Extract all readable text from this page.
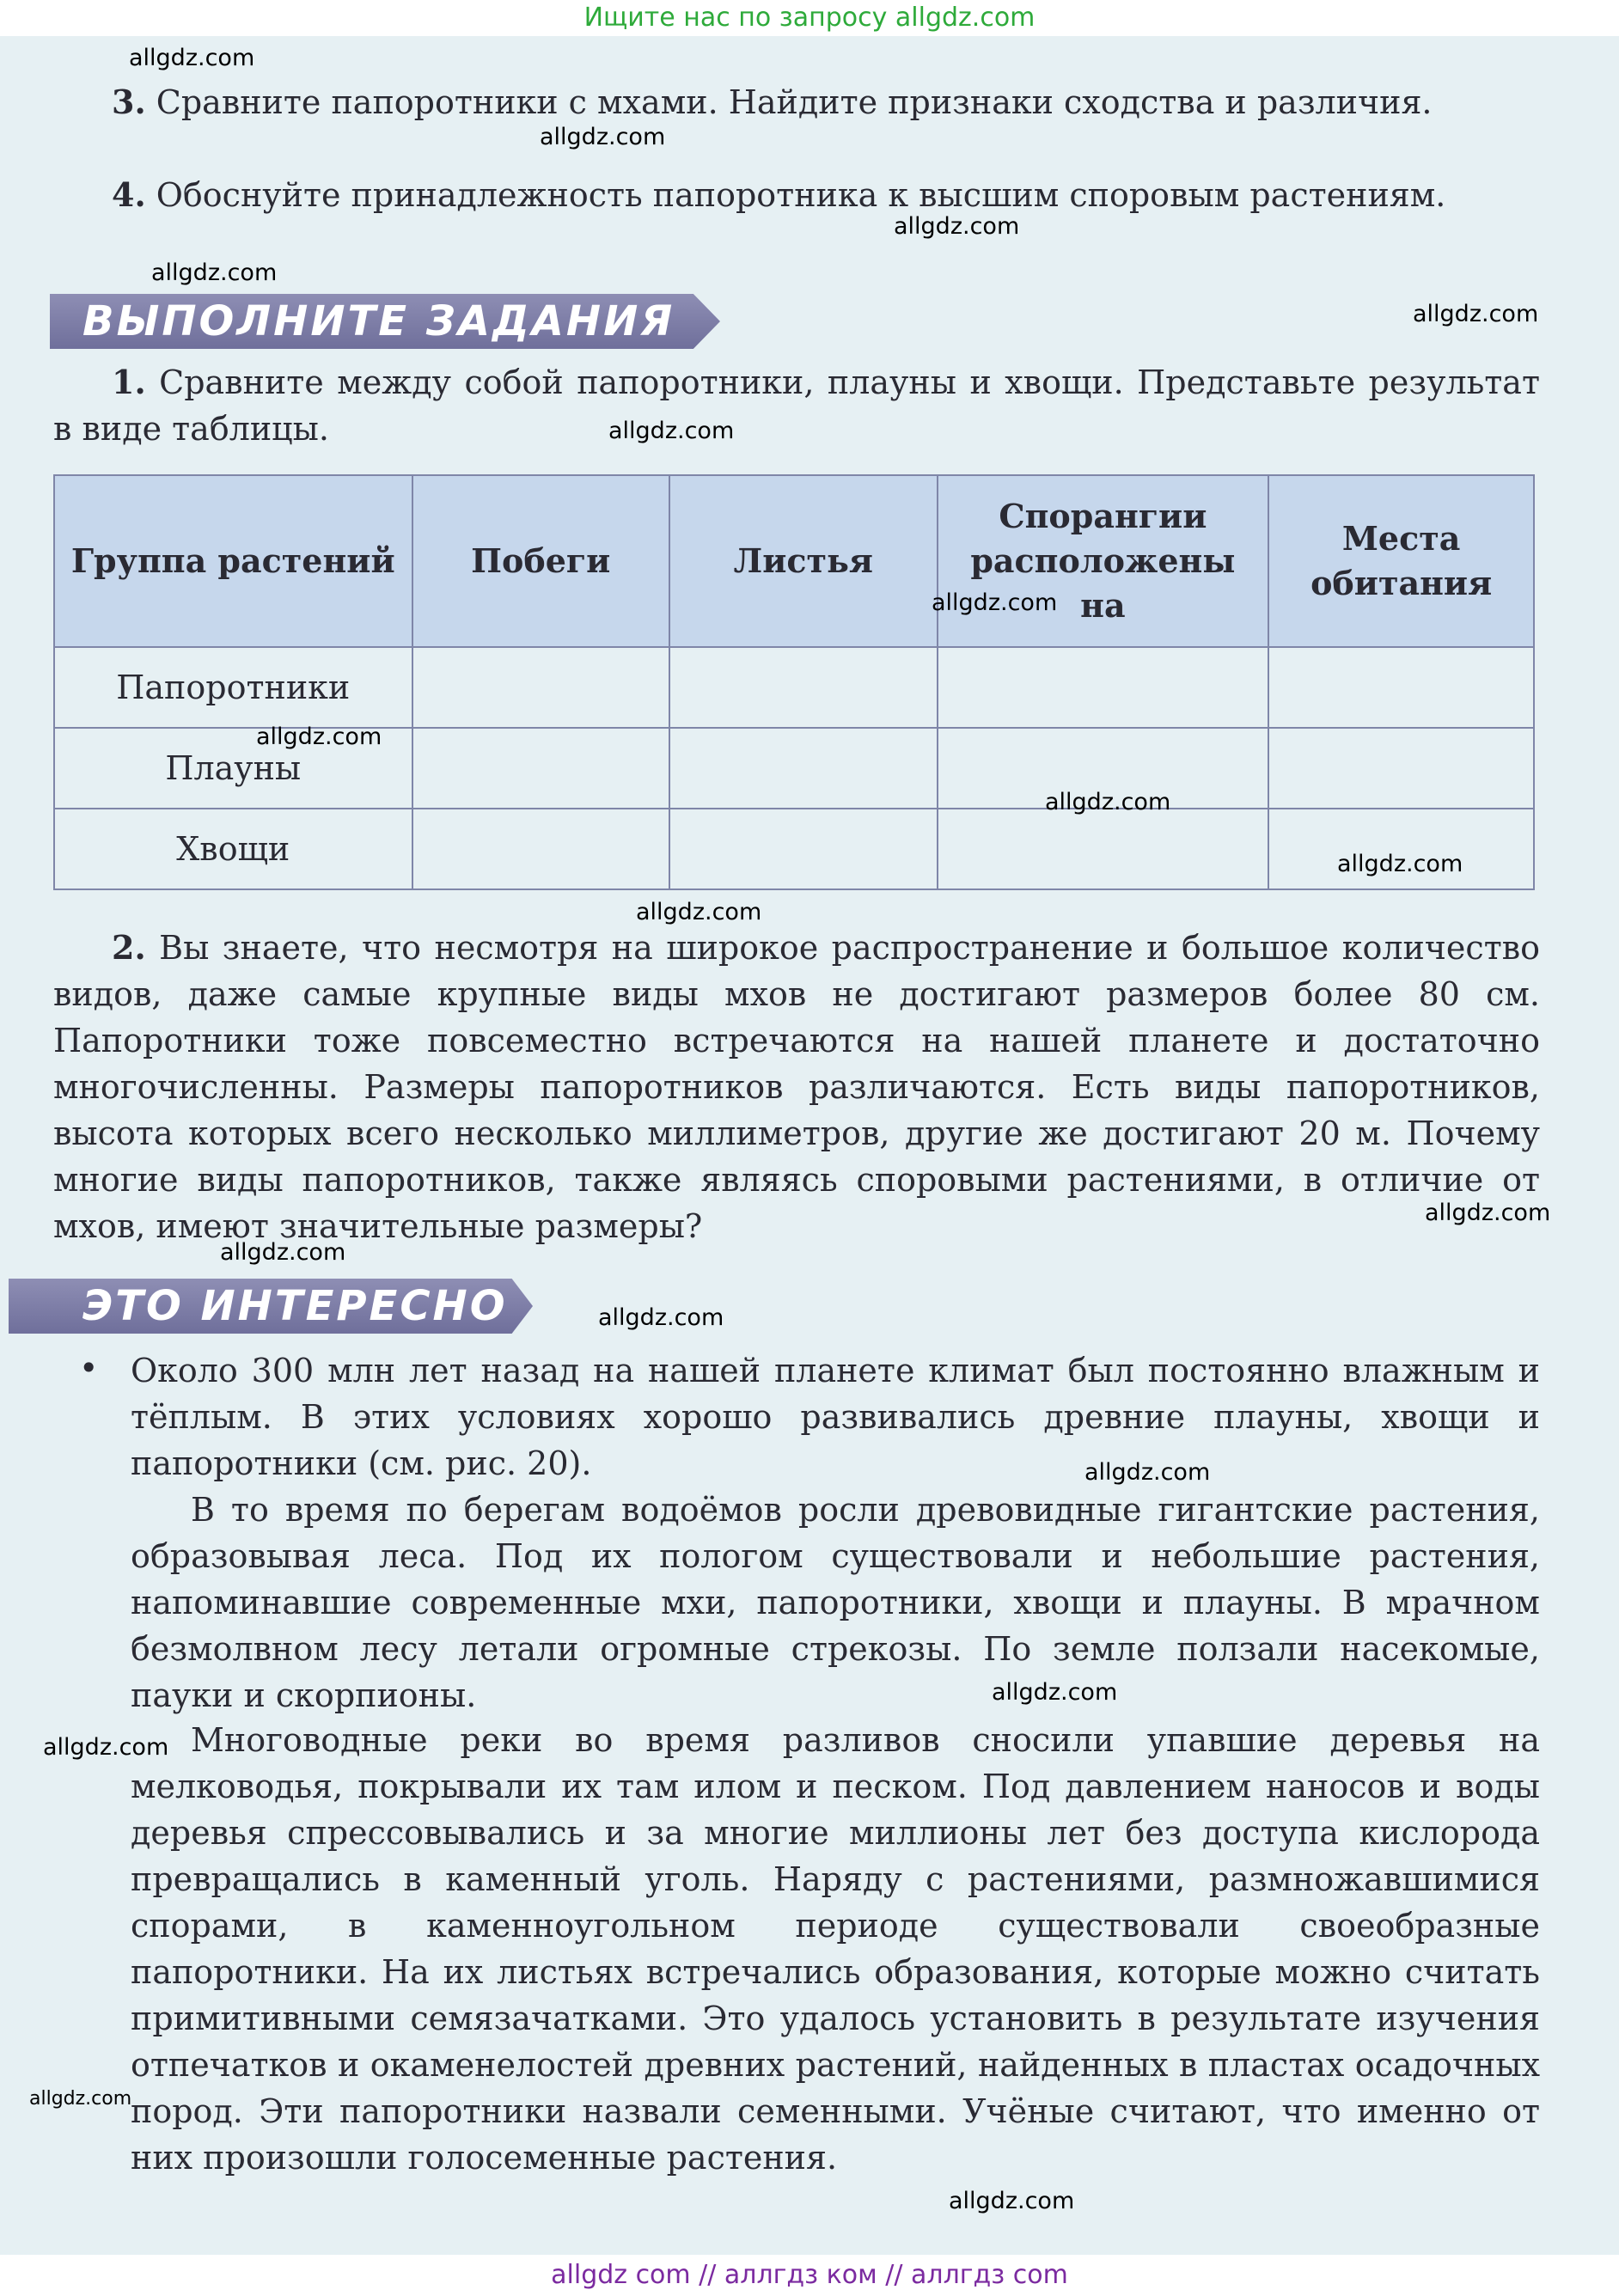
Ищите нас по запросу allgdz.com

3. Сравните папоротники с мхами. Найдите признаки сходства и различия.

4. Обоснуйте принадлежность папоротника к высшим споровым растениям.

ВЫПОЛНИТЕ ЗАДАНИЯ

1. Сравните между собой папоротники, плауны и хвощи. Представьте результат в виде таблицы.

Группа растений	Побеги	Листья	Спорангии расположены на	Места обитания
Папоротники				
Плауны				
Хвощи				

2. Вы знаете, что несмотря на широкое распространение и большое количество видов, даже самые крупные виды мхов не достигают размеров более 80 см. Папоротники тоже повсеместно встречаются на нашей планете и достаточно многочисленны. Размеры папоротников различаются. Есть виды папоротников, высота которых всего несколько миллиметров, другие же достигают 20 м. Почему многие виды папоротников, также являясь споровыми растениями, в отличие от мхов, имеют значительные размеры?

ЭТО ИНТЕРЕСНО
• Около 300 млн лет назад на нашей планете климат был постоянно влажным и тёплым. В этих условиях хорошо развивались древние плауны, хвощи и папоротники (см. рис. 20).

В то время по берегам водоёмов росли древовидные гигантские растения, образовывая леса. Под их пологом существовали и небольшие растения, напоминавшие современные мхи, папоротники, хвощи и плауны. В мрачном безмолвном лесу летали огромные стрекозы. По земле ползали насекомые, пауки и скорпионы.

Многоводные реки во время разливов сносили упавшие деревья на мелководья, покрывали их там илом и песком. Под давлением наносов и воды деревья спрессовывались и за многие миллионы лет без доступа кислорода превращались в каменный уголь. Наряду с растениями, размножавшимися спорами, в каменноугольном периоде существовали своеобразные папоротники. На их листьях встречались образования, которые можно считать примитивными семязачатками. Это удалось установить в результате изучения отпечатков и окаменелостей древних растений, найденных в пластах осадочных пород. Эти папоротники назвали семенными. Учёные считают, что именно от них произошли голосеменные растения.

allgdz.com
allgdz.com
allgdz.com
allgdz.com
allgdz.com
allgdz.com
allgdz.com
allgdz.com
allgdz.com
allgdz.com
allgdz.com
allgdz.com
allgdz.com
allgdz.com
allgdz.com
allgdz.com
allgdz.com
allgdz.com
allgdz.com
allgdz com // аллгдз ком // аллгдз com
